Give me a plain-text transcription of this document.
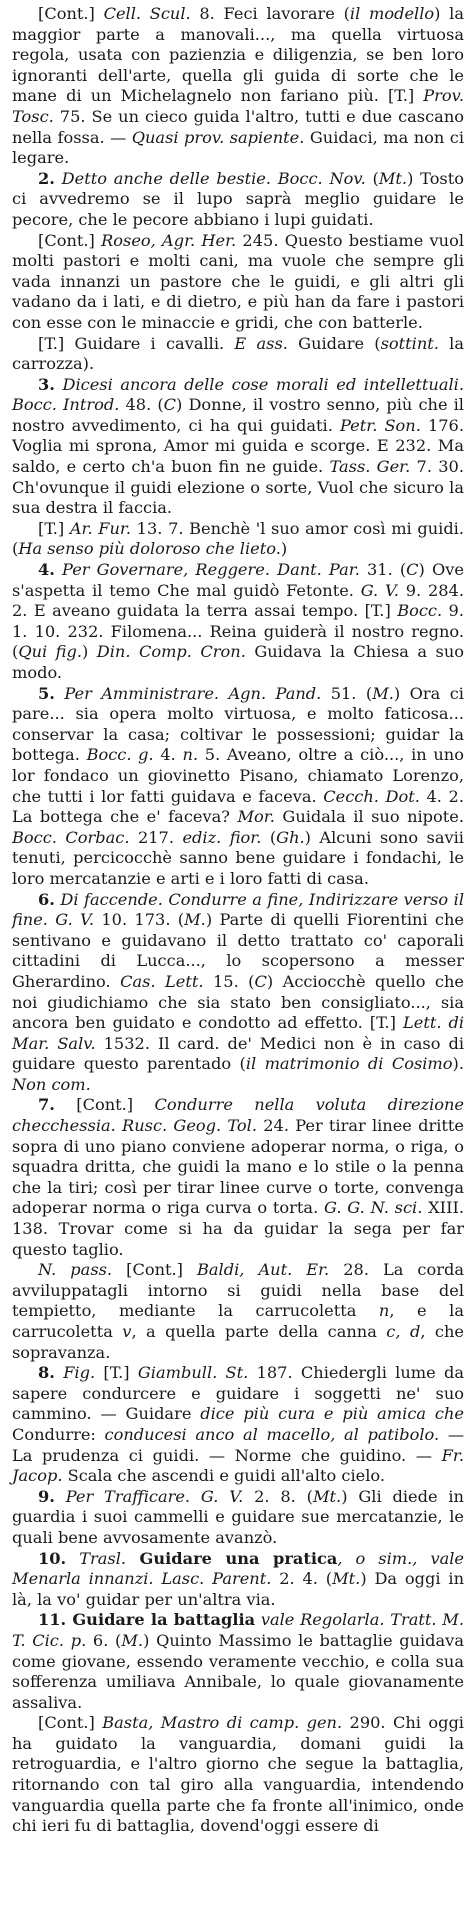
[Cont.] Cell. Scul. 8. Feci lavorare (il modello) la maggior parte a manovali..., ma quella virtuosa regola, usata con pazienzia e diligenzia, se ben loro ignoranti dell'arte, quella gli guida di sorte che le mane di un Michelagnelo non fariano più. [T.] Prov. Tosc. 75. Se un cieco guida l'altro, tutti e due cascano nella fossa. — Quasi prov. sapiente. Guidaci, ma non ci legare.

2. Detto anche delle bestie. Bocc. Nov. (Mt.) Tosto ci avvedremo se il lupo saprà meglio guidare le pecore, che le pecore abbiano i lupi guidati.

[Cont.] Roseo, Agr. Her. 245. Questo bestiame vuol molti pastori e molti cani, ma vuole che sempre gli vada innanzi un pastore che le guidi, e gli altri gli vadano da i lati, e di dietro, e più han da fare i pastori con esse con le minaccie e gridi, che con batterle.

[T.] Guidare i cavalli. E ass. Guidare (sottint. la carrozza).

3. Dicesi ancora delle cose morali ed intellettuali. Bocc. Introd. 48. (C) Donne, il vostro senno, più che il nostro avvedimento, ci ha qui guidati. Petr. Son. 176. Voglia mi sprona, Amor mi guida e scorge. E 232. Ma saldo, e certo ch'a buon fin ne guide. Tass. Ger. 7. 30. Ch'ovunque il guidi elezione o sorte, Vuol che sicuro la sua destra il faccia.

[T.] Ar. Fur. 13. 7. Benchè 'l suo amor così mi guidi. (Ha senso più doloroso che lieto.)

4. Per Governare, Reggere. Dant. Par. 31. (C) Ove s'aspetta il temo Che mal guidò Fetonte. G. V. 9. 284. 2. E aveano guidata la terra assai tempo. [T.] Bocc. 9. 1. 10. 232. Filomena... Reina guiderà il nostro regno. (Qui fig.) Din. Comp. Cron. Guidava la Chiesa a suo modo.

5. Per Amministrare. Agn. Pand. 51. (M.) Ora ci pare... sia opera molto virtuosa, e molto faticosa... conservar la casa; coltivar le possessioni; guidar la bottega. Bocc. g. 4. n. 5. Aveano, oltre a ciò..., in uno lor fondaco un giovinetto Pisano, chiamato Lorenzo, che tutti i lor fatti guidava e faceva. Cecch. Dot. 4. 2. La bottega che e' faceva? Mor. Guidala il suo nipote. Bocc. Corbac. 217. ediz. fior. (Gh.) Alcuni sono savii tenuti, percicocchè sanno bene guidare i fondachi, le loro mercatanzie e arti e i loro fatti di casa.

6. Di faccende. Condurre a fine, Indirizzare verso il fine. G. V. 10. 173. (M.) Parte di quelli Fiorentini che sentivano e guidavano il detto trattato co' caporali cittadini di Lucca..., lo scopersono a messer Gherardino. Cas. Lett. 15. (C) Acciocchè quello che noi giudichiamo che sia stato ben consigliato..., sia ancora ben guidato e condotto ad effetto. [T.] Lett. di Mar. Salv. 1532. Il card. de' Medici non è in caso di guidare questo parentado (il matrimonio di Cosimo). Non com.

7. [Cont.] Condurre nella voluta direzione checchessia. Rusc. Geog. Tol. 24. Per tirar linee dritte sopra di uno piano conviene adoperar norma, o riga, o squadra dritta, che guidi la mano e lo stile o la penna che la tiri; così per tirar linee curve o torte, convenga adoperar norma o riga curva o torta. G. G. N. sci. XIII. 138. Trovar come si ha da guidar la sega per far questo taglio.

N. pass. [Cont.] Baldi, Aut. Er. 28. La corda avviluppatagli intorno si guidi nella base del tempietto, mediante la carrucoletta n, e la carrucoletta v, a quella parte della canna c, d, che sopravanza.

8. Fig. [T.] Giambull. St. 187. Chiedergli lume da sapere condurcere e guidare i soggetti ne' suo cammino. — Guidare dice più cura e più amica che Condurre: conducesi anco al macello, al patibolo. — La prudenza ci guidi. — Norme che guidino. — Fr. Jacop. Scala che ascendi e guidi all'alto cielo.

9. Per Trafficare. G. V. 2. 8. (Mt.) Gli diede in guardia i suoi cammelli e guidare sue mercatanzie, le quali bene avvosamente avanzò.

10. Trasl. Guidare una pratica, o sim., vale Menarla innanzi. Lasc. Parent. 2. 4. (Mt.) Da oggi in là, la vo' guidar per un'altra via.

11. Guidare la battaglia vale Regolarla. Tratt. M. T. Cic. p. 6. (M.) Quinto Massimo le battaglie guidava come giovane, essendo veramente vecchio, e colla sua sofferenza umiliava Annibale, lo quale giovanamente assaliva.

[Cont.] Basta, Mastro di camp. gen. 290. Chi oggi ha guidato la vanguardia, domani guidi la retroguardia, e l'altro giorno che segue la battaglia, ritornando con tal giro alla vanguardia, intendendo vanguardia quella parte che fa fronte all'inimico, onde chi ieri fu di battaglia, dovend'oggi essere di
